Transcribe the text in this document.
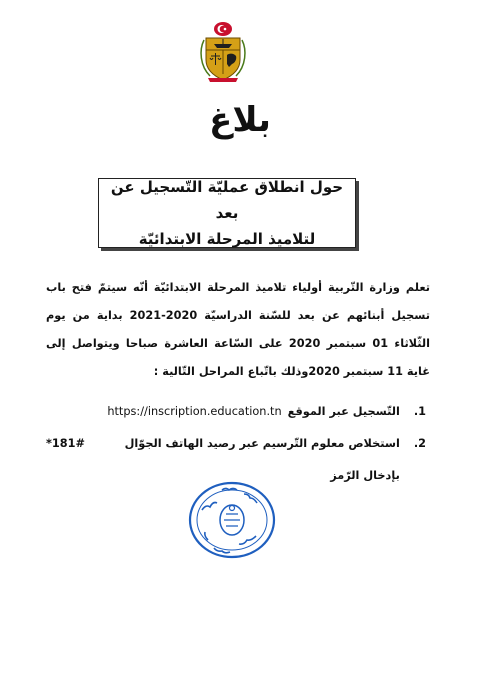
بلاغ
حول انطلاق عمليّة التّسجيل عن بعد
لتلاميذ المرحلة الابتدائيّة

تعلم وزارة التّربية أولياء تلاميذ المرحلة الابتدائيّة أنّه سيتمّ فتح باب تسجيل أبنائهم عن بعد للسّنة الدراسيّة 2020-2021 بداية من يوم الثّلاثاء 01 سبتمبر 2020 على السّاعة العاشرة صباحا ويتواصل إلى غاية 11 سبتمبر 2020وذلك باتّباع المراحل التّالية :

1.
التّسجيل عبر الموقع
https://inscription.education.tn
2.
استخلاص معلوم التّرسيم عبر رصيد الهاتف الجوّال بإدخال الرّمز
*181#
